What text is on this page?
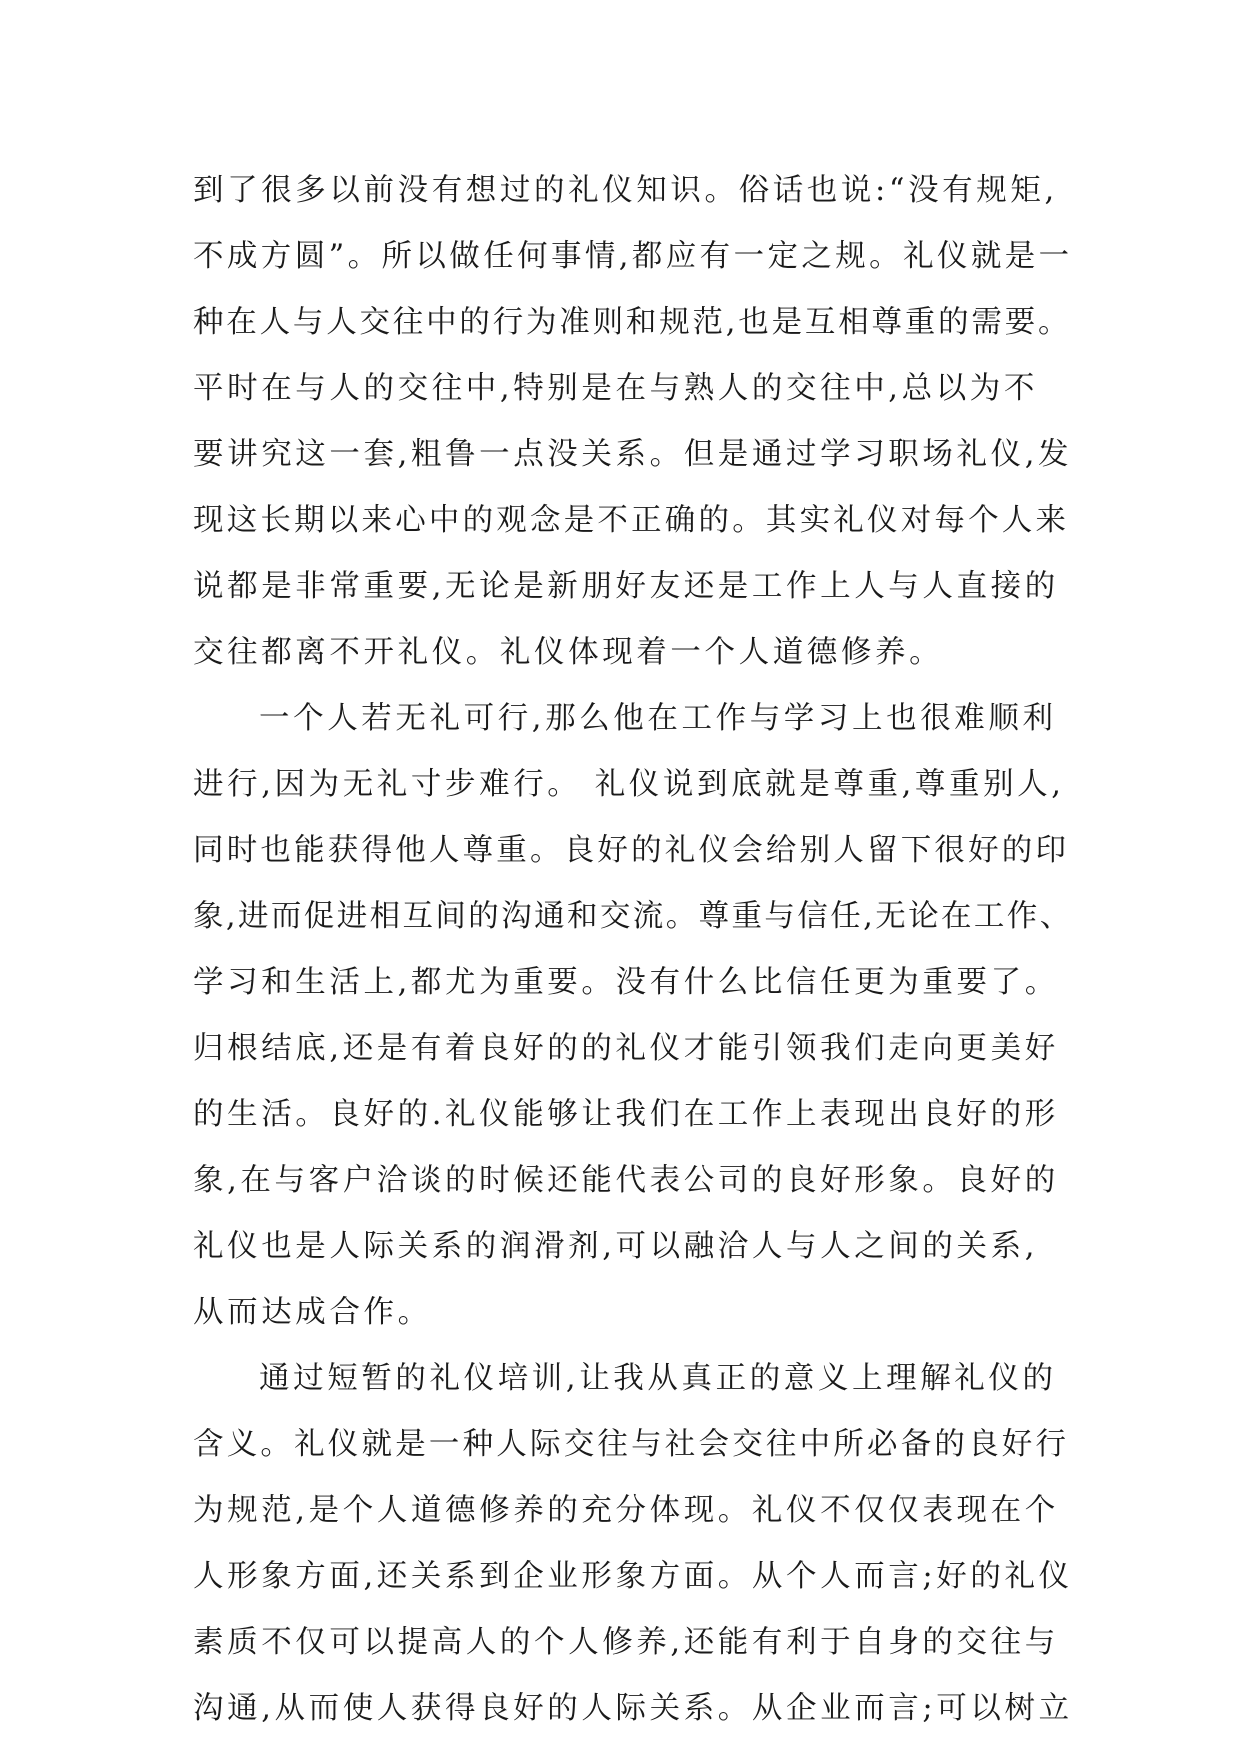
到了很多以前没有想过的礼仪知识。俗话也说:“没有规矩,
不成方圆”。所以做任何事情,都应有一定之规。礼仪就是一
种在人与人交往中的行为准则和规范,也是互相尊重的需要。
平时在与人的交往中,特别是在与熟人的交往中,总以为不
要讲究这一套,粗鲁一点没关系。但是通过学习职场礼仪,发
现这长期以来心中的观念是不正确的。其实礼仪对每个人来
说都是非常重要,无论是新朋好友还是工作上人与人直接的
交往都离不开礼仪。礼仪体现着一个人道德修养。
一个人若无礼可行,那么他在工作与学习上也很难顺利
进行,因为无礼寸步难行。 礼仪说到底就是尊重,尊重别人,
同时也能获得他人尊重。良好的礼仪会给别人留下很好的印
象,进而促进相互间的沟通和交流。尊重与信任,无论在工作、
学习和生活上,都尤为重要。没有什么比信任更为重要了。
归根结底,还是有着良好的的礼仪才能引领我们走向更美好
的生活。良好的.礼仪能够让我们在工作上表现出良好的形
象,在与客户洽谈的时候还能代表公司的良好形象。良好的
礼仪也是人际关系的润滑剂,可以融洽人与人之间的关系,
从而达成合作。
通过短暂的礼仪培训,让我从真正的意义上理解礼仪的
含义。礼仪就是一种人际交往与社会交往中所必备的良好行
为规范,是个人道德修养的充分体现。礼仪不仅仅表现在个
人形象方面,还关系到企业形象方面。从个人而言;好的礼仪
素质不仅可以提高人的个人修养,还能有利于自身的交往与
沟通,从而使人获得良好的人际关系。从企业而言;可以树立
